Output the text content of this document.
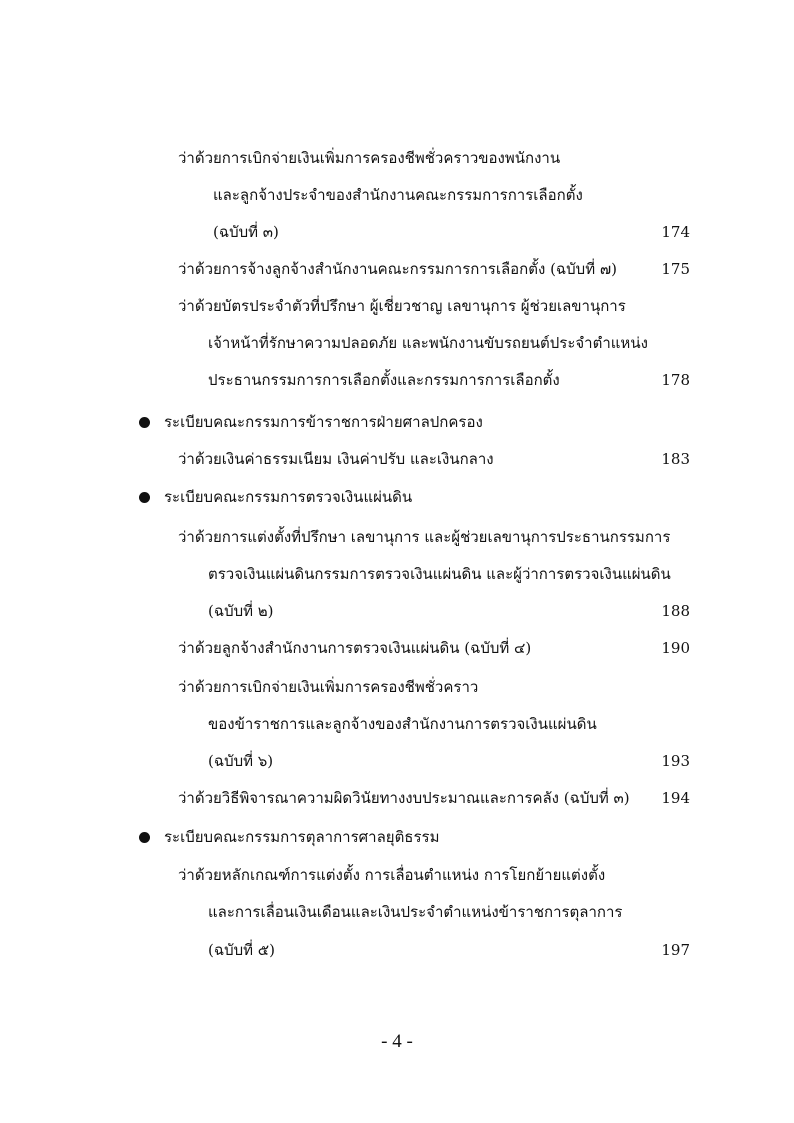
ว่าด้วยการเบิกจ่ายเงินเพิ่มการครองชีพชั่วคราวของพนักงาน
และลูกจ้างประจำของสำนักงานคณะกรรมการการเลือกตั้ง
(ฉบับที่ ๓)	174
ว่าด้วยการจ้างลูกจ้างสำนักงานคณะกรรมการการเลือกตั้ง (ฉบับที่ ๗)	175
ว่าด้วยบัตรประจำตัวที่ปรึกษา ผู้เชี่ยวชาญ เลขานุการ ผู้ช่วยเลขานุการ
เจ้าหน้าที่รักษาความปลอดภัย และพนักงานขับรถยนต์ประจำตำแหน่ง
ประธานกรรมการการเลือกตั้งและกรรมการการเลือกตั้ง	178
ระเบียบคณะกรรมการข้าราชการฝ่ายศาลปกครอง
ว่าด้วยเงินค่าธรรมเนียม เงินค่าปรับ และเงินกลาง	183
ระเบียบคณะกรรมการตรวจเงินแผ่นดิน
ว่าด้วยการแต่งตั้งที่ปรึกษา เลขานุการ และผู้ช่วยเลขานุการประธานกรรมการ
ตรวจเงินแผ่นดินกรรมการตรวจเงินแผ่นดิน และผู้ว่าการตรวจเงินแผ่นดิน
(ฉบับที่ ๒)	188
ว่าด้วยลูกจ้างสำนักงานการตรวจเงินแผ่นดิน (ฉบับที่ ๔)	190
ว่าด้วยการเบิกจ่ายเงินเพิ่มการครองชีพชั่วคราว
ของข้าราชการและลูกจ้างของสำนักงานการตรวจเงินแผ่นดิน
(ฉบับที่ ๖)	193
ว่าด้วยวิธีพิจารณาความผิดวินัยทางงบประมาณและการคลัง (ฉบับที่ ๓) 194
ระเบียบคณะกรรมการตุลาการศาลยุติธรรม
ว่าด้วยหลักเกณฑ์การแต่งตั้ง การเลื่อนตำแหน่ง การโยกย้ายแต่งตั้ง
และการเลื่อนเงินเดือนและเงินประจำตำแหน่งข้าราชการตุลาการ
(ฉบับที่ ๕)	197
- 4 -
